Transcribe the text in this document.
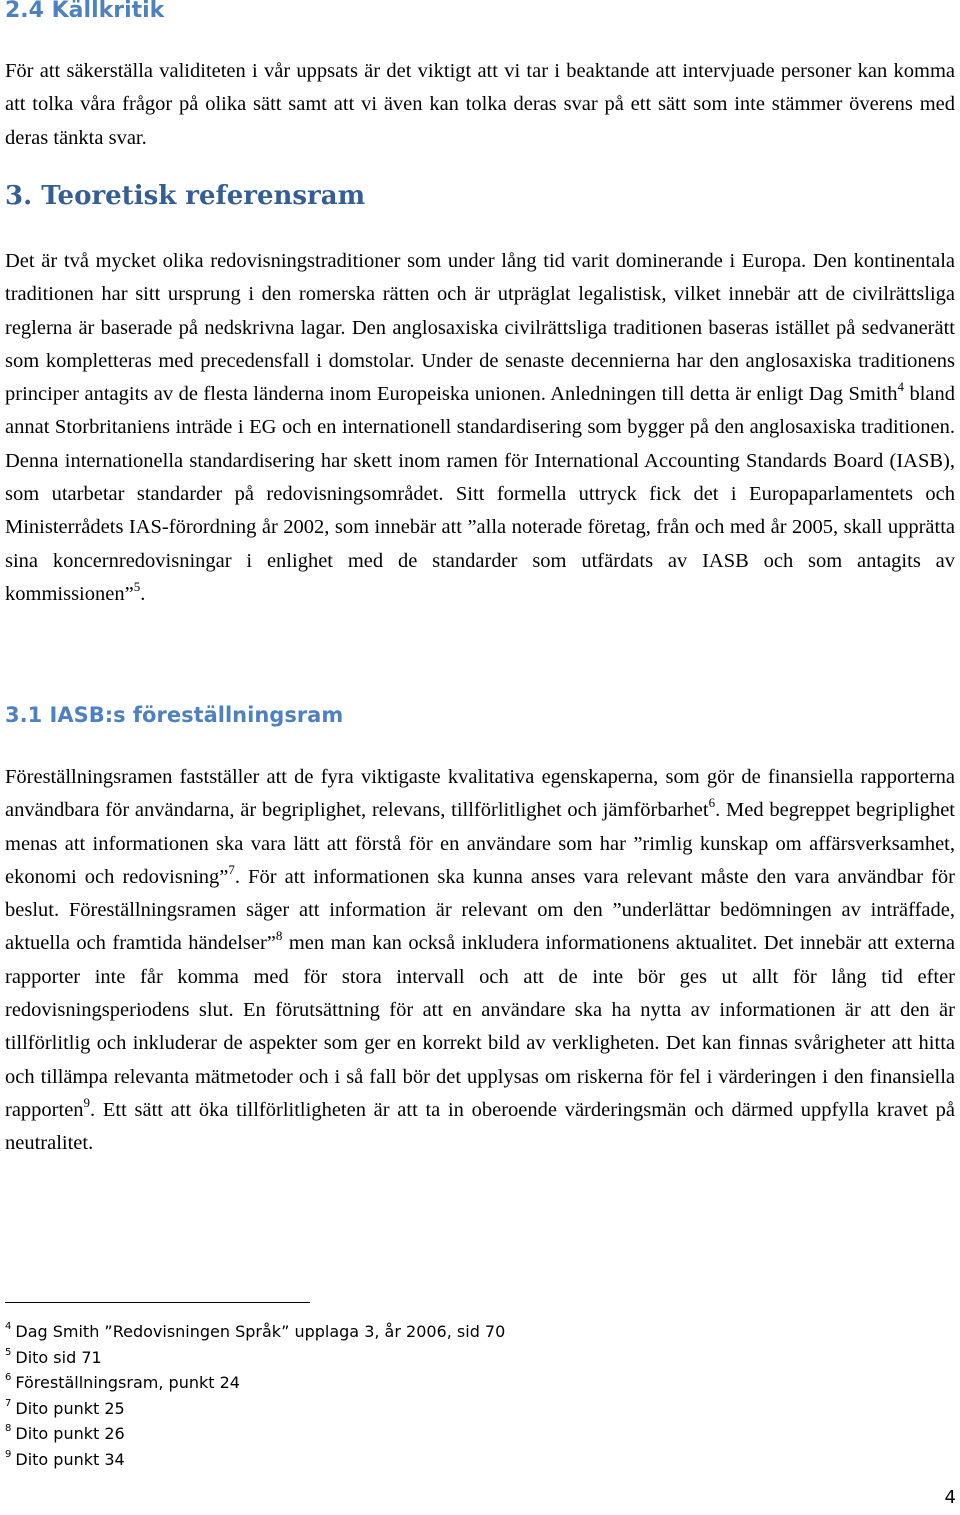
2.4 Källkritik

För att säkerställa validiteten i vår uppsats är det viktigt att vi tar i beaktande att intervjuade personer kan komma att tolka våra frågor på olika sätt samt att vi även kan tolka deras svar på ett sätt som inte stämmer överens med deras tänkta svar.

3. Teoretisk referensram

Det är två mycket olika redovisningstraditioner som under lång tid varit dominerande i Europa. Den kontinentala traditionen har sitt ursprung i den romerska rätten och är utpräglat legalistisk, vilket innebär att de civilrättsliga reglerna är baserade på nedskrivna lagar. Den anglosaxiska civilrättsliga traditionen baseras istället på sedvanerätt som kompletteras med precedensfall i domstolar. Under de senaste decennierna har den anglosaxiska traditionens principer antagits av de flesta länderna inom Europeiska unionen. Anledningen till detta är enligt Dag Smith$^4$ bland annat Storbritaniens inträde i EG och en internationell standardisering som bygger på den anglosaxiska traditionen. Denna internationella standardisering har skett inom ramen för International Accounting Standards Board (IASB), som utarbetar standarder på redovisningsområdet. Sitt formella uttryck fick det i Europaparlamentets och Ministerrådets IAS-förordning år 2002, som innebär att ”alla noterade företag, från och med år 2005, skall upprätta sina koncernredovisningar i enlighet med de standarder som utfärdats av IASB och som antagits av kommissionen”$^5$.

3.1 IASB:s föreställningsram

Föreställningsramen fastställer att de fyra viktigaste kvalitativa egenskaperna, som gör de finansiella rapporterna användbara för användarna, är begriplighet, relevans, tillförlitlighet och jämförbarhet$^6$. Med begreppet begriplighet menas att informationen ska vara lätt att förstå för en användare som har ”rimlig kunskap om affärsverksamhet, ekonomi och redovisning”$^7$. För att informationen ska kunna anses vara relevant måste den vara användbar för beslut. Föreställningsramen säger att information är relevant om den ”underlättar bedömningen av inträffade, aktuella och framtida händelser”$^8$ men man kan också inkludera informationens aktualitet. Det innebär att externa rapporter inte får komma med för stora intervall och att de inte bör ges ut allt för lång tid efter redovisningsperiodens slut. En förutsättning för att en användare ska ha nytta av informationen är att den är tillförlitlig och inkluderar de aspekter som ger en korrekt bild av verkligheten. Det kan finnas svårigheter att hitta och tillämpa relevanta mätmetoder och i så fall bör det upplysas om riskerna för fel i värderingen i den finansiella rapporten$^9$. Ett sätt att öka tillförlitligheten är att ta in oberoende värderingsmän och därmed uppfylla kravet på neutralitet.

$^4$ Dag Smith ”Redovisningen Språk” upplaga 3, år 2006, sid 70

$^5$ Dito sid 71

$^6$ Föreställningsram, punkt 24

$^7$ Dito punkt 25

$^8$ Dito punkt 26

$^9$ Dito punkt 34

4
